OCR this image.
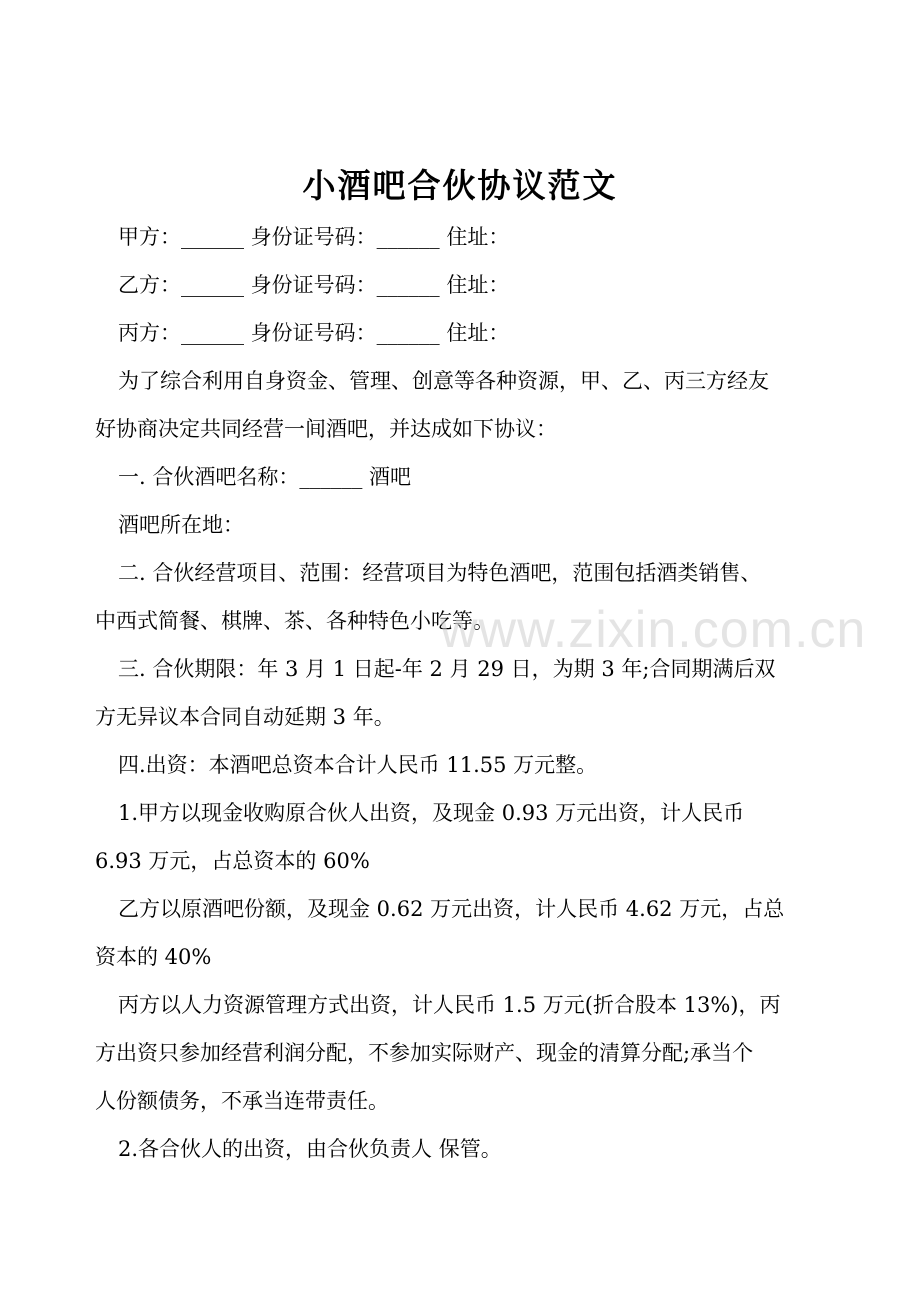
小酒吧合伙协议范文
甲方：______ 身份证号码：______ 住址：
乙方：______ 身份证号码：______ 住址：
丙方：______ 身份证号码：______ 住址：
为了综合利用自身资金、管理、创意等各种资源，甲、乙、丙三方经友
好协商决定共同经营一间酒吧，并达成如下协议：
一. 合伙酒吧名称：______ 酒吧
酒吧所在地：
二. 合伙经营项目、范围：经营项目为特色酒吧，范围包括酒类销售、
中西式简餐、棋牌、茶、各种特色小吃等。
三. 合伙期限：年 3 月 1 日起-年 2 月 29 日，为期 3 年;合同期满后双
方无异议本合同自动延期 3 年。
四.出资：本酒吧总资本合计人民币 11.55 万元整。
1.甲方以现金收购原合伙人出资，及现金 0.93 万元出资，计人民币
6.93 万元，占总资本的 60%
乙方以原酒吧份额，及现金 0.62 万元出资，计人民币 4.62 万元，占总
资本的 40%
丙方以人力资源管理方式出资，计人民币 1.5 万元(折合股本 13%)，丙
方出资只参加经营利润分配，不参加实际财产、现金的清算分配;承当个
人份额债务，不承当连带责任。
2.各合伙人的出资，由合伙负责人 保管。
www.zixin.com.cn
